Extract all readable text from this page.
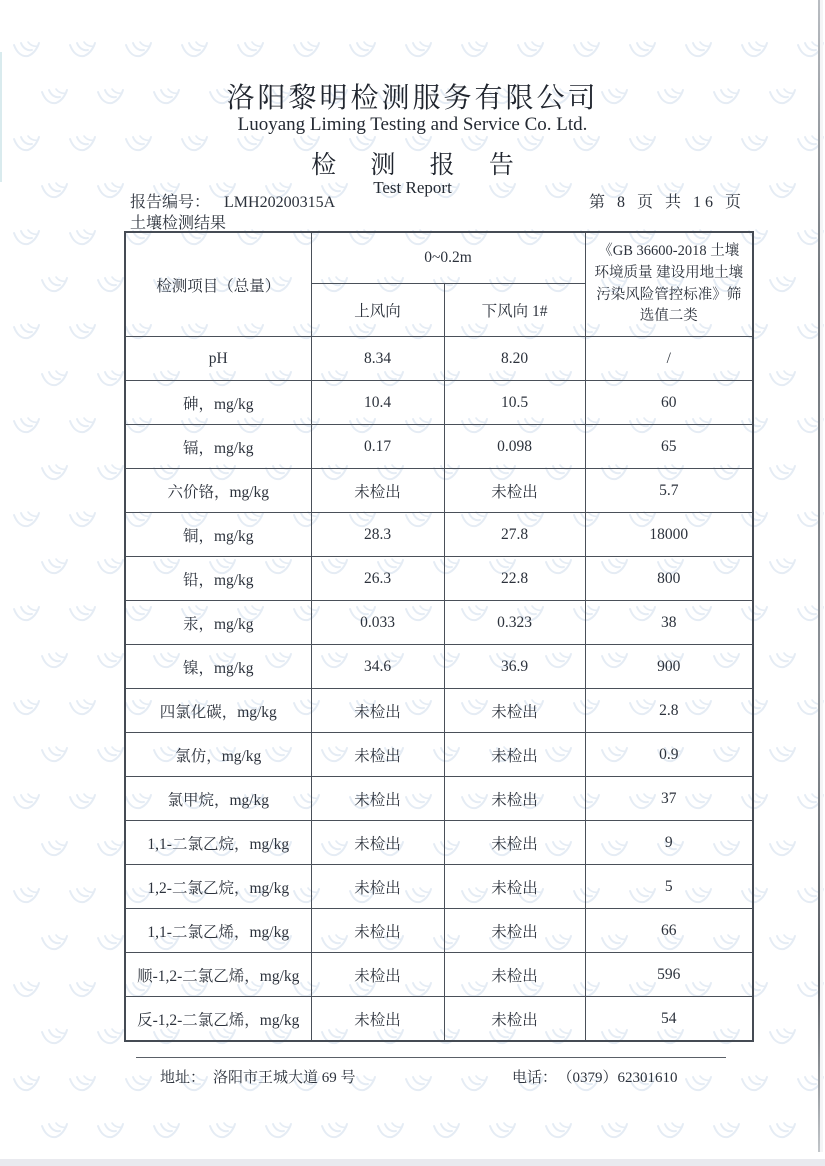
洛阳黎明检测服务有限公司
Luoyang Liming Testing and Service Co. Ltd.
检 测 报 告
Test Report
报告编号： LMH20200315A	第 8 页 共 16 页
土壤检测结果
检测项目（总量）	0~0.2m		《GB 36600-2018 土壤环境质量 建设用地土壤污染风险管控标准》筛选值二类
	上风向	下风向 1#	
pH	8.34	8.20	/
砷，mg/kg	10.4	10.5	60
镉，mg/kg	0.17	0.098	65
六价铬，mg/kg	未检出	未检出	5.7
铜，mg/kg	28.3	27.8	18000
铅，mg/kg	26.3	22.8	800
汞，mg/kg	0.033	0.323	38
镍，mg/kg	34.6	36.9	900
四氯化碳，mg/kg	未检出	未检出	2.8
氯仿，mg/kg	未检出	未检出	0.9
氯甲烷，mg/kg	未检出	未检出	37
1,1-二氯乙烷，mg/kg	未检出	未检出	9
1,2-二氯乙烷，mg/kg	未检出	未检出	5
1,1-二氯乙烯，mg/kg	未检出	未检出	66
顺-1,2-二氯乙烯，mg/kg	未检出	未检出	596
反-1,2-二氯乙烯，mg/kg	未检出	未检出	54
地址： 洛阳市王城大道 69 号	电话： （0379）62301610
